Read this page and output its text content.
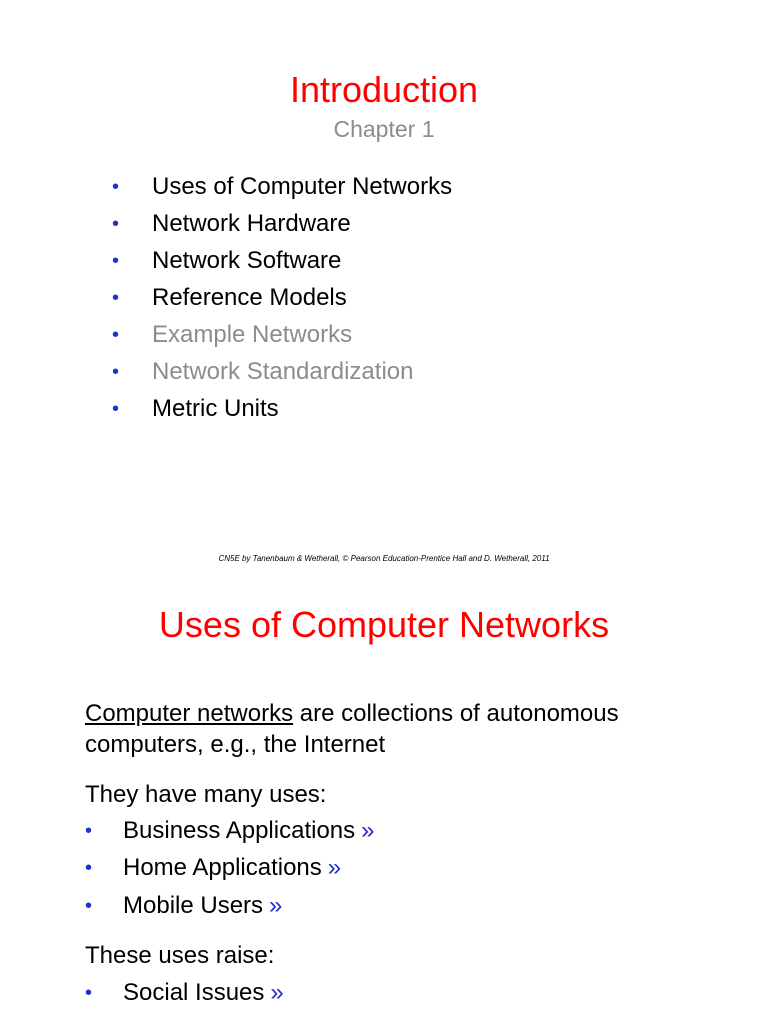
Introduction
Chapter 1
• Uses of Computer Networks
• Network Hardware
• Network Software
• Reference Models
• Example Networks
• Network Standardization
• Metric Units
CN5E by Tanenbaum & Wetherall, © Pearson Education-Prentice Hall and D. Wetherall, 2011
Uses of Computer Networks
Computer networks are collections of autonomous
computers, e.g., the Internet
They have many uses:
• Business Applications »
• Home Applications »
• Mobile Users »
These uses raise:
• Social Issues »
